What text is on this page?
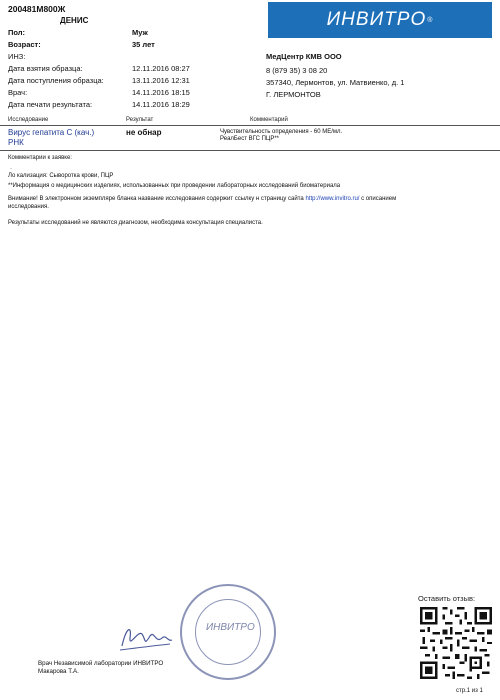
200481M800Ж
ДЕНИС
Пол:	Муж
Возраст:	35 лет
ИНЗ:
Дата взятия образца:	12.11.2016 08:27
Дата поступления образца:	13.11.2016 12:31
Врач:	14.11.2016 18:15
Дата печати результата:	14.11.2016 18:29
ИНВИТРО ®
МедЦентр КМВ ООО
8 (879 35) 3 08 20
357340, Лермонтов, ул. Матвиенко, д. 1
Г. ЛЕРМОНТОВ
Исследование	Результат	Комментарий
Вирус гепатита С (кач.)
РНК
не обнар	Чувствительность определения - 60 МЕ/мл.
РеалБест ВГС ПЦР**
Комментарии к заявке:
·
Ло кализация: Сыворотка крови, ПЦР
**Информация о медицинских изделиях, использованных при проведении лабораторных исследований биоматериала
Внимание! В электронном экземпляре бланка название исследования содержит ссылку н страницу сайта http://www.invitro.ru/ с описанием
исследования.
Результаты исследований не являются диагнозом, необходима консультация специалиста.
ИНВИТРО
Врач Независимой лаборатории ИНВИТРО
Макарова Т.А.
Оставить отзыв:
стр.1 из 1
